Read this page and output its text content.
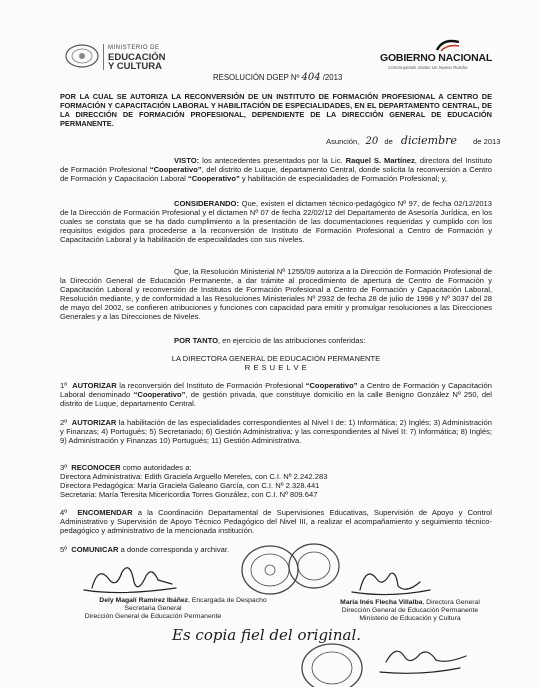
MINISTERIO DE
EDUCACIÓN
Y CULTURA
GOBIERNO NACIONAL
Construyendo Juntos Un Nuevo Rumbo
RESOLUCIÓN DGEP Nº 404 /2013
POR LA CUAL SE AUTORIZA LA RECONVERSIÓN DE UN INSTITUTO DE FORMACIÓN PROFESIONAL A CENTRO DE FORMACIÓN Y CAPACITACIÓN LABORAL Y HABILITACIÓN DE ESPECIALIDADES, EN EL DEPARTAMENTO CENTRAL, DE LA DIRECCIÓN DE FORMACIÓN PROFESIONAL, DEPENDIENTE DE LA DIRECCIÓN GENERAL DE EDUCACIÓN PERMANENTE.
Asunción, 20 de diciembre de 2013
VISTO: los antecedentes presentados por la Lic. Raquel S. Martínez, directora del Instituto de Formación Profesional “Cooperativo”, del distrito de Luque, departamento Central, donde solicita la reconversión a Centro de Formación y Capacitación Laboral “Cooperativo” y habilitación de especialidades de Formación Profesional; y,
CONSIDERANDO: Que, existen el dictamen técnico-pedagógico Nº 97, de fecha 02/12/2013 de la Dirección de Formación Profesional y el dictamen Nº 07 de fecha 22/02/12 del Departamento de Asesoría Jurídica, en los cuales se constata que se ha dado cumplimiento a la presentación de las documentaciones requeridas y cumplido con los requisitos exigidos para procederse a la reconversión de Instituto de Formación Profesional a Centro de Formación y Capacitación Laboral y la habilitación de especialidades con sus niveles.
Que, la Resolución Ministerial Nº 1255/09 autoriza a la Dirección de Formación Profesional de la Dirección General de Educación Permanente, a dar trámite al procedimiento de apertura de Centro de Formación y Capacitación Laboral y reconversión de Institutos de Formación Profesional a Centro de Formación y Capacitación Laboral, Resolución mediante, y de conformidad a las Resoluciones Ministeriales Nº 2932 de fecha 28 de julio de 1998 y Nº 3037 del 28 de mayo del 2002, se confieren atribuciones y funciones con capacidad para emitir y promulgar resoluciones a las Direcciones Generales y a las Direcciones de Niveles.
POR TANTO, en ejercicio de las atribuciones conferidas:
LA DIRECTORA GENERAL DE EDUCACIÓN PERMANENTE
R E S U E L V E
1º AUTORIZAR la reconversión del Instituto de Formación Profesional “Cooperativo” a Centro de Formación y Capacitación Laboral denominado “Cooperativo”, de gestión privada, que constituye domicilio en la calle Benigno González Nº 250, del distrito de Luque, departamento Central.
2º AUTORIZAR la habilitación de las especialidades correspondientes al Nivel I de: 1) Informática; 2) Inglés; 3) Administración y Finanzas; 4) Portugués; 5) Secretariado; 6) Gestión Administrativa; y las correspondientes al Nivel II: 7) Informática; 8) Inglés; 9) Administración y Finanzas 10) Portugués; 11) Gestión Administrativa.
3º RECONOCER como autoridades a:
Directora Administrativa: Edith Graciela Arguello Mereles, con C.I. Nº 2.242.283
Directora Pedagógica: María Graciela Galeano García, con C.I. Nº 2.328.441
Secretaria: María Teresita Micericordia Torres González, con C.I. Nº 809.647
4º ENCOMENDAR a la Coordinación Departamental de Supervisiones Educativas, Supervisión de Apoyo y Control Administrativo y Supervisión de Apoyo Técnico Pedagógico del Nivel III, a realizar el acompañamiento y seguimiento técnico-pedagógico y administrativo de la mencionada institución.
5º COMUNICAR a donde corresponda y archivar.
Dely Magalí Ramírez Ibáñez, Encargada de Despacho
Secretaria General
Dirección General de Educación Permanente
María Inés Flecha Villalba, Directora General
Dirección General de Educación Permanente
Ministerio de Educación y Cultura
Es copia fiel del original.
